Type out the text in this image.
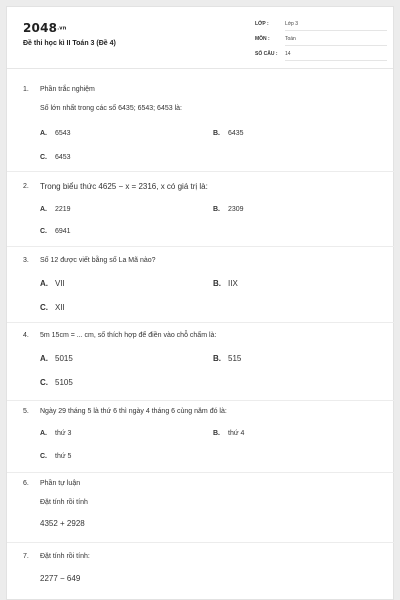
2048.vn
Đề thi học kì II Toán 3 (Đề 4)
LỚP :	Lớp 3
MÔN :	Toán
SỐ CÂU : 14
1. Phần trắc nghiệm
Số lớn nhất trong các số 6435; 6543; 6453 là:
A. 6543	B. 6435
C. 6453
2. Trong biểu thức 4625 − x = 2316, x có giá trị là:
A. 2219	B. 2309
C. 6941
3. Số 12 được viết bằng số La Mã nào?
A. VII	B. IIX
C. XII
4. 5m 15cm = ... cm, số thích hợp để điền vào chỗ chấm là:
A. 5015	B. 515
C. 5105
5. Ngày 29 tháng 5 là thứ 6 thì ngày 4 tháng 6 cùng năm đó là:
A. thứ 3	B. thứ 4
C. thứ 5
6. Phần tự luận
Đặt tính rồi tính
4352 + 2928
7. Đặt tính rồi tính:
2277 − 649
